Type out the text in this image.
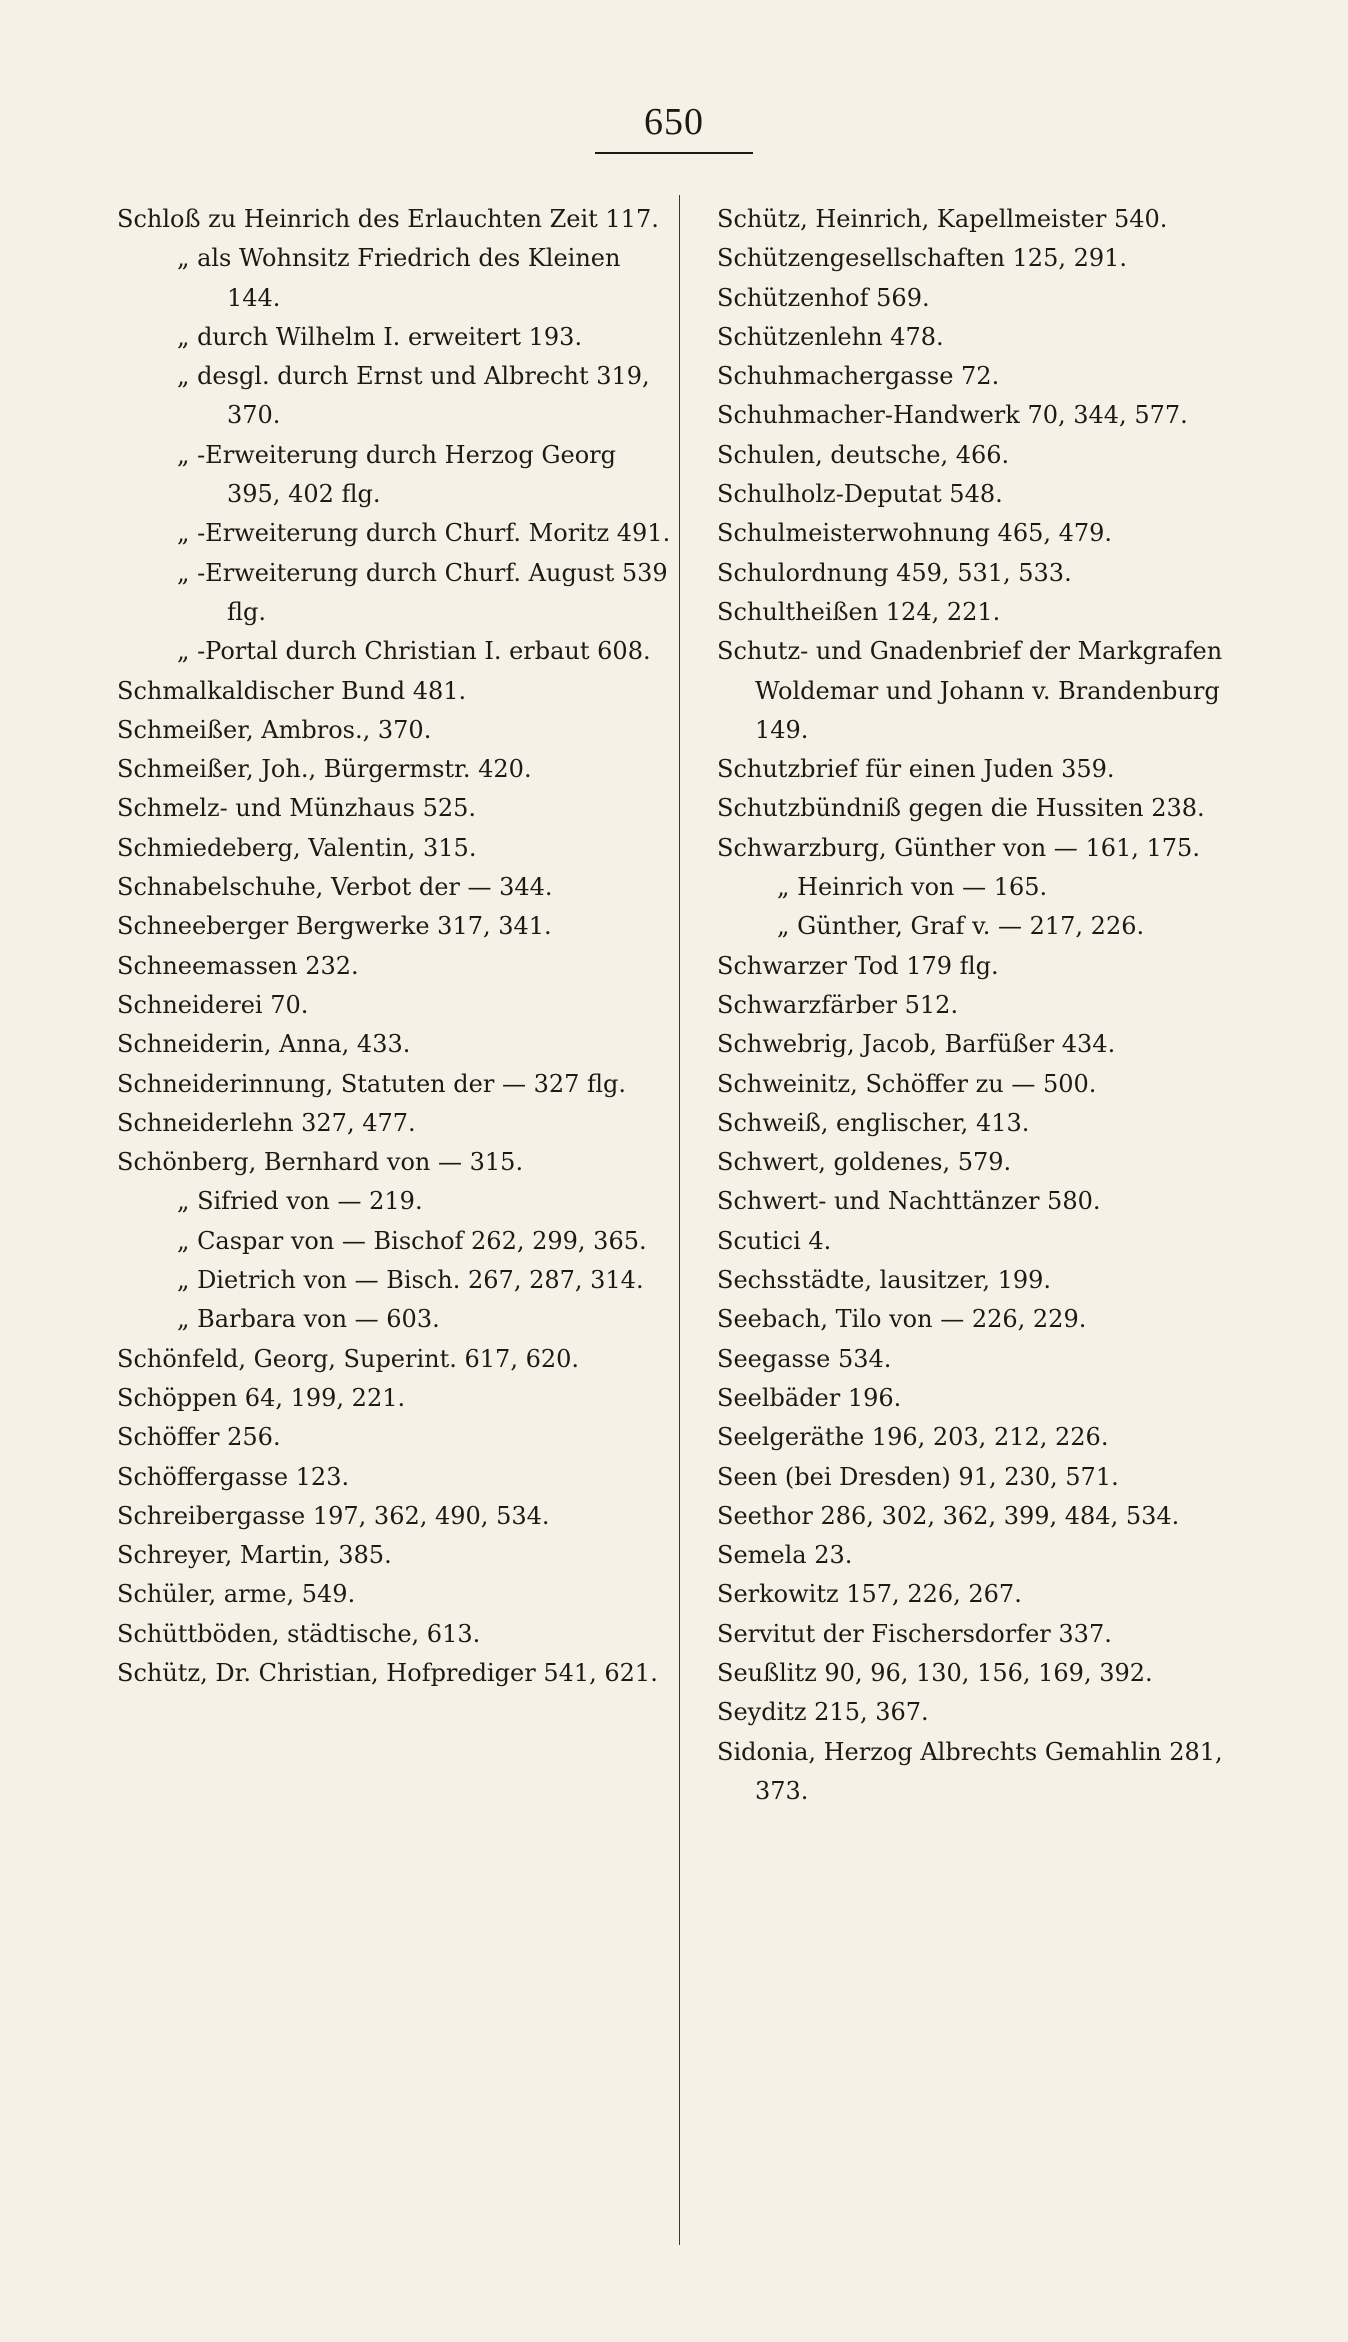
650

Schloß zu Heinrich des Erlauchten Zeit 117.

„ als Wohnsitz Friedrich des Kleinen 144.

„ durch Wilhelm I. erweitert 193.

„ desgl. durch Ernst und Albrecht 319, 370.

„ -Erweiterung durch Herzog Georg 395, 402 flg.

„ -Erweiterung durch Churf. Moritz 491.

„ -Erweiterung durch Churf. August 539 flg.

„ -Portal durch Christian I. erbaut 608.

Schmalkaldischer Bund 481.

Schmeißer, Ambros., 370.

Schmeißer, Joh., Bürgermstr. 420.

Schmelz- und Münzhaus 525.

Schmiedeberg, Valentin, 315.

Schnabelschuhe, Verbot der — 344.

Schneeberger Bergwerke 317, 341.

Schneemassen 232.

Schneiderei 70.

Schneiderin, Anna, 433.

Schneiderinnung, Statuten der — 327 flg.

Schneiderlehn 327, 477.

Schönberg, Bernhard von — 315.

„ Sifried von — 219.

„ Caspar von — Bischof 262, 299, 365.

„ Dietrich von — Bisch. 267, 287, 314.

„ Barbara von — 603.

Schönfeld, Georg, Superint. 617, 620.

Schöppen 64, 199, 221.

Schöffer 256.

Schöffergasse 123.

Schreibergasse 197, 362, 490, 534.

Schreyer, Martin, 385.

Schüler, arme, 549.

Schüttböden, städtische, 613.

Schütz, Dr. Christian, Hofprediger 541, 621.

Schütz, Heinrich, Kapellmeister 540.

Schützengesellschaften 125, 291.

Schützenhof 569.

Schützenlehn 478.

Schuhmachergasse 72.

Schuhmacher-Handwerk 70, 344, 577.

Schulen, deutsche, 466.

Schulholz-Deputat 548.

Schulmeisterwohnung 465, 479.

Schulordnung 459, 531, 533.

Schultheißen 124, 221.

Schutz- und Gnadenbrief der Markgrafen Woldemar und Johann v. Brandenburg 149.

Schutzbrief für einen Juden 359.

Schutzbündniß gegen die Hussiten 238.

Schwarzburg, Günther von — 161, 175.

„ Heinrich von — 165.

„ Günther, Graf v. — 217, 226.

Schwarzer Tod 179 flg.

Schwarzfärber 512.

Schwebrig, Jacob, Barfüßer 434.

Schweinitz, Schöffer zu — 500.

Schweiß, englischer, 413.

Schwert, goldenes, 579.

Schwert- und Nachttänzer 580.

Scutici 4.

Sechsstädte, lausitzer, 199.

Seebach, Tilo von — 226, 229.

Seegasse 534.

Seelbäder 196.

Seelgeräthe 196, 203, 212, 226.

Seen (bei Dresden) 91, 230, 571.

Seethor 286, 302, 362, 399, 484, 534.

Semela 23.

Serkowitz 157, 226, 267.

Servitut der Fischersdorfer 337.

Seußlitz 90, 96, 130, 156, 169, 392.

Seyditz 215, 367.

Sidonia, Herzog Albrechts Gemahlin 281, 373.
